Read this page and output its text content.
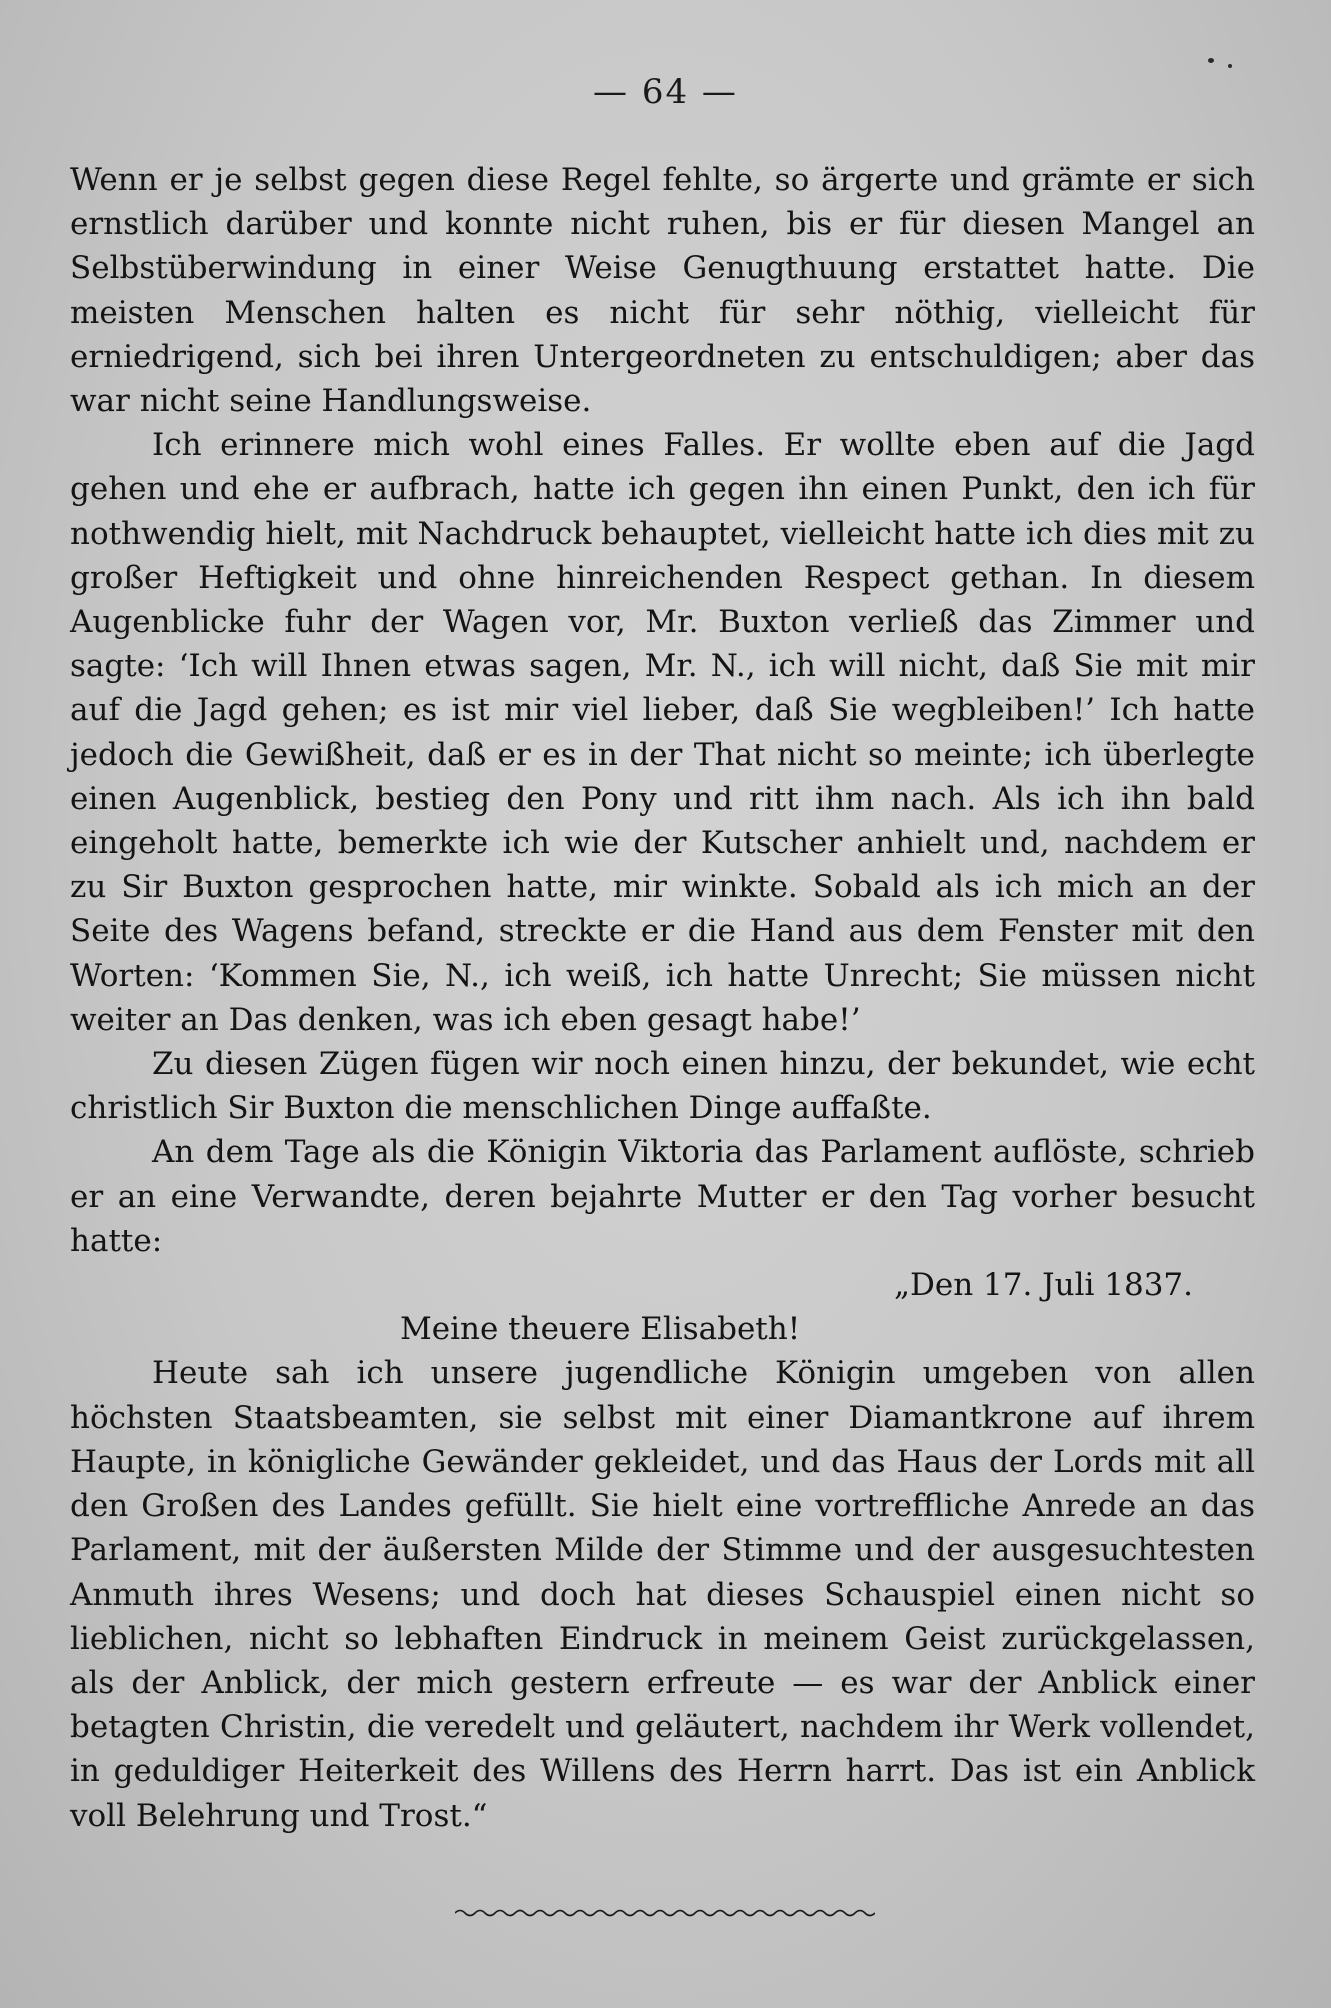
— 64 —

Wenn er je selbst gegen diese Regel fehlte, so ärgerte und grämte er sich ernstlich darüber und konnte nicht ruhen, bis er für diesen Mangel an Selbstüberwindung in einer Weise Genugthuung erstattet hatte. Die meisten Menschen halten es nicht für sehr nöthig, vielleicht für erniedrigend, sich bei ihren Untergeordneten zu entschuldigen; aber das war nicht seine Handlungsweise.

Ich erinnere mich wohl eines Falles. Er wollte eben auf die Jagd gehen und ehe er aufbrach, hatte ich gegen ihn einen Punkt, den ich für nothwendig hielt, mit Nachdruck behauptet, vielleicht hatte ich dies mit zu großer Heftigkeit und ohne hinreichenden Respect gethan. In diesem Augenblicke fuhr der Wagen vor, Mr. Buxton verließ das Zimmer und sagte: ‘Ich will Ihnen etwas sagen, Mr. N., ich will nicht, daß Sie mit mir auf die Jagd gehen; es ist mir viel lieber, daß Sie wegbleiben!’ Ich hatte jedoch die Gewißheit, daß er es in der That nicht so meinte; ich überlegte einen Augenblick, bestieg den Pony und ritt ihm nach. Als ich ihn bald eingeholt hatte, bemerkte ich wie der Kutscher anhielt und, nachdem er zu Sir Buxton gesprochen hatte, mir winkte. Sobald als ich mich an der Seite des Wagens befand, streckte er die Hand aus dem Fenster mit den Worten: ‘Kommen Sie, N., ich weiß, ich hatte Unrecht; Sie müssen nicht weiter an Das denken, was ich eben gesagt habe!’

Zu diesen Zügen fügen wir noch einen hinzu, der bekundet, wie echt christlich Sir Buxton die menschlichen Dinge auffaßte.

An dem Tage als die Königin Viktoria das Parlament auflöste, schrieb er an eine Verwandte, deren bejahrte Mutter er den Tag vorher besucht hatte:

„Den 17. Juli 1837.

Meine theuere Elisabeth!

Heute sah ich unsere jugendliche Königin umgeben von allen höchsten Staatsbeamten, sie selbst mit einer Diamantkrone auf ihrem Haupte, in königliche Gewänder gekleidet, und das Haus der Lords mit all den Großen des Landes gefüllt. Sie hielt eine vortreffliche Anrede an das Parlament, mit der äußersten Milde der Stimme und der ausgesuchtesten Anmuth ihres Wesens; und doch hat dieses Schauspiel einen nicht so lieblichen, nicht so lebhaften Eindruck in meinem Geist zurückgelassen, als der Anblick, der mich gestern erfreute — es war der Anblick einer betagten Christin, die veredelt und geläutert, nachdem ihr Werk vollendet, in geduldiger Heiterkeit des Willens des Herrn harrt. Das ist ein Anblick voll Belehrung und Trost.“
